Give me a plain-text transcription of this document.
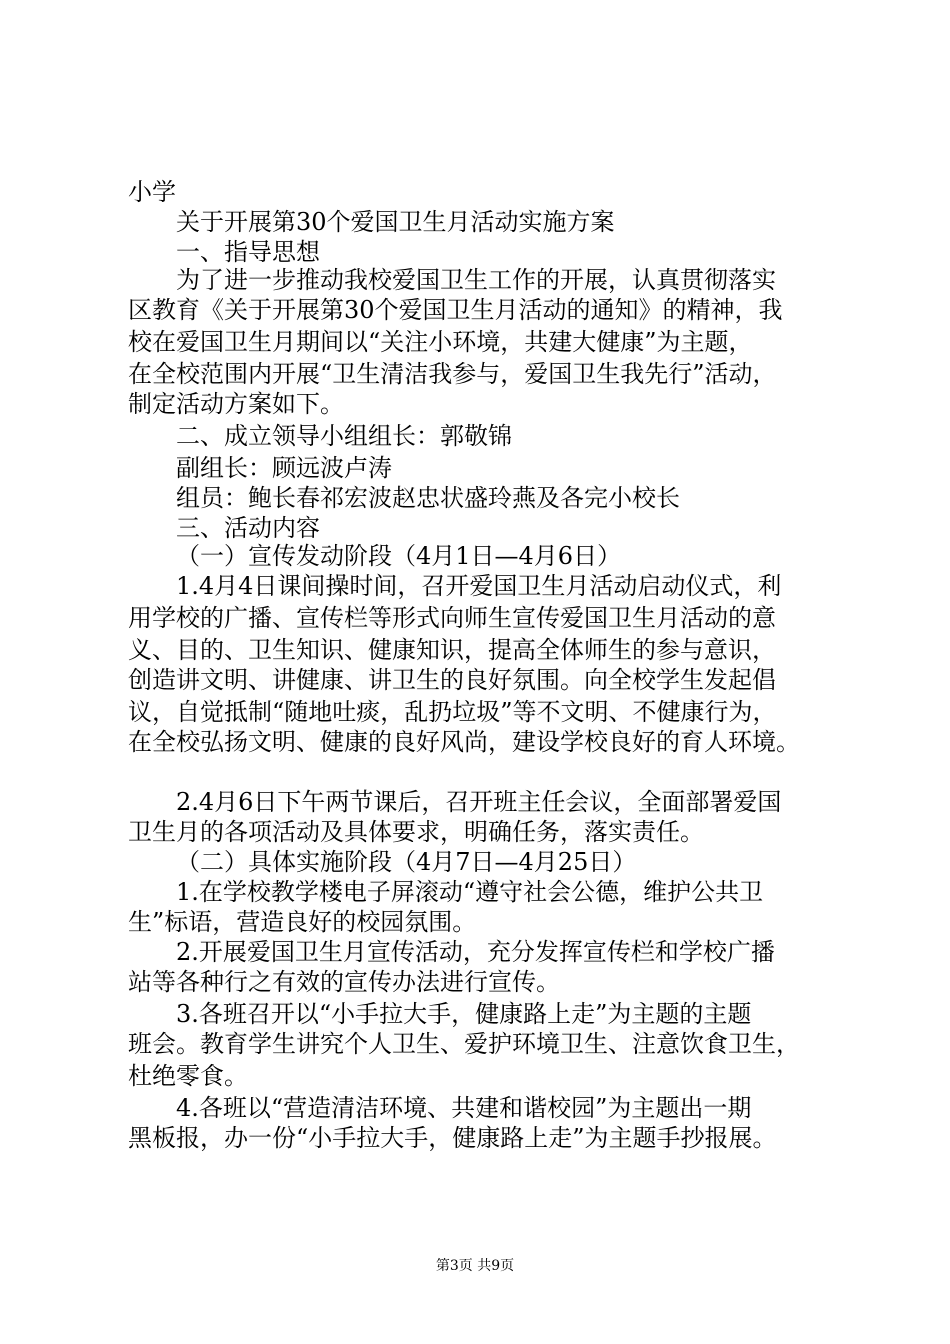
小学

关于开展第30个爱国卫生月活动实施方案

一、指导思想

为了进一步推动我校爱国卫生工作的开展，认真贯彻落实

区教育《关于开展第30个爱国卫生月活动的通知》的精神，我

校在爱国卫生月期间以“关注小环境，共建大健康”为主题，

在全校范围内开展“卫生清洁我参与，爱国卫生我先行”活动，

制定活动方案如下。

二、成立领导小组组长：郭敬锦

副组长：顾远波卢涛

组员：鲍长春祁宏波赵忠状盛玲燕及各完小校长

三、活动内容

（一）宣传发动阶段（4月1日—4月6日）

1.4月4日课间操时间，召开爱国卫生月活动启动仪式，利

用学校的广播、宣传栏等形式向师生宣传爱国卫生月活动的意

义、目的、卫生知识、健康知识，提高全体师生的参与意识，

创造讲文明、讲健康、讲卫生的良好氛围。向全校学生发起倡

议，自觉抵制“随地吐痰，乱扔垃圾”等不文明、不健康行为，

在全校弘扬文明、健康的良好风尚，建设学校良好的育人环境。

2.4月6日下午两节课后，召开班主任会议，全面部署爱国

卫生月的各项活动及具体要求，明确任务，落实责任。

（二）具体实施阶段（4月7日—4月25日）

1.在学校教学楼电子屏滚动“遵守社会公德，维护公共卫

生”标语，营造良好的校园氛围。

2.开展爱国卫生月宣传活动，充分发挥宣传栏和学校广播

站等各种行之有效的宣传办法进行宣传。

3.各班召开以“小手拉大手，健康路上走”为主题的主题

班会。教育学生讲究个人卫生、爱护环境卫生、注意饮食卫生，

杜绝零食。

4.各班以“营造清洁环境、共建和谐校园”为主题出一期

黑板报，办一份“小手拉大手，健康路上走”为主题手抄报展。

第3页 共9页
